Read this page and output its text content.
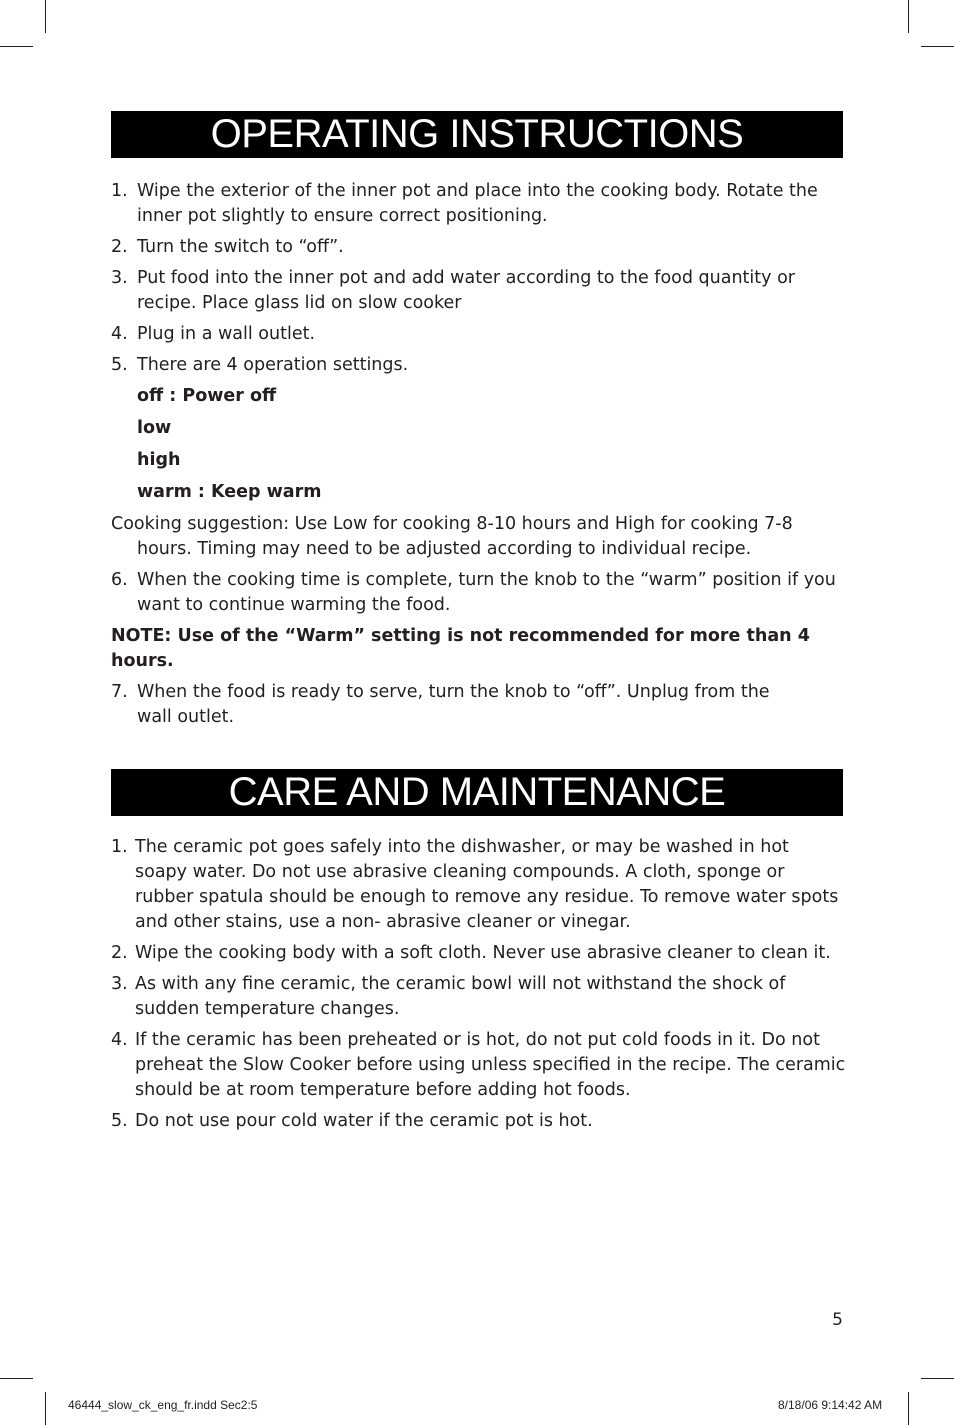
OPERATING INSTRUCTIONS
1. Wipe the exterior of the inner pot and place into the cooking body. Rotate the inner pot slightly to ensure correct positioning.
2. Turn the switch to “off”.
3. Put food into the inner pot and add water according to the food quantity or recipe. Place glass lid on slow cooker
4. Plug in a wall outlet.
5. There are 4 operation settings.
off : Power off
low
high
warm : Keep warm
Cooking suggestion: Use Low for cooking 8-10 hours and High for cooking 7-8 hours. Timing may need to be adjusted according to individual recipe.
6. When the cooking time is complete, turn the knob to the “warm” position if you want to continue warming the food.
NOTE: Use of the “Warm” setting is not recommended for more than 4 hours.
7. When the food is ready to serve, turn the knob to “off”. Unplug from the
wall outlet.
CARE AND MAINTENANCE
1. The ceramic pot goes safely into the dishwasher, or may be washed in hot soapy water. Do not use abrasive cleaning compounds. A cloth, sponge or rubber spatula should be enough to remove any residue. To remove water spots and other stains, use a non- abrasive cleaner or vinegar.
2. Wipe the cooking body with a soft cloth. Never use abrasive cleaner to clean it.
3. As with any fine ceramic, the ceramic bowl will not withstand the shock of sudden temperature changes.
4. If the ceramic has been preheated or is hot, do not put cold foods in it. Do not preheat the Slow Cooker before using unless specified in the recipe. The ceramic should be at room temperature before adding hot foods.
5. Do not use pour cold water if the ceramic pot is hot.
5
46444_slow_ck_eng_fr.indd Sec2:5	8/18/06 9:14:42 AM
